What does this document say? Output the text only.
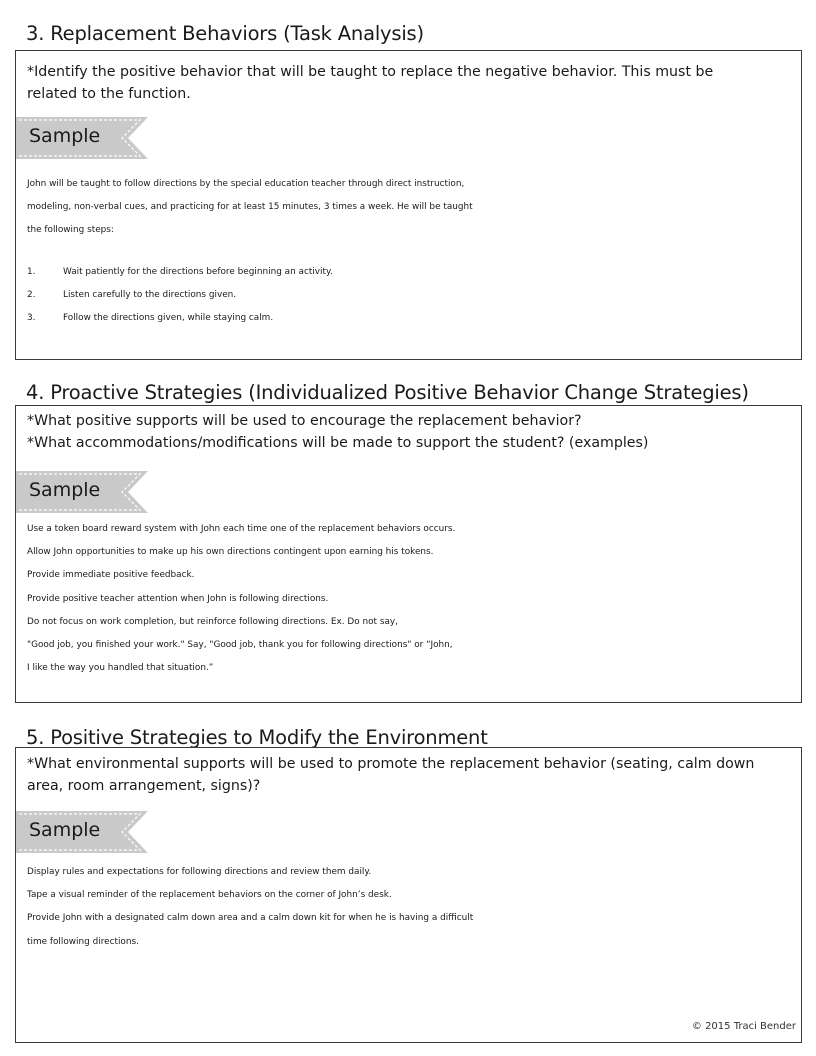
3. Replacement Behaviors (Task Analysis)

*Identify the positive behavior that will be taught to replace the negative behavior. This must be
related to the function.

Sample
John will be taught to follow directions by the special education teacher through direct instruction,
modeling, non-verbal cues, and practicing for at least 15 minutes, 3 times a week. He will be taught
the following steps:
1.	Wait patiently for the directions before beginning an activity.
2.	Listen carefully to the directions given.
3.	Follow the directions given, while staying calm.
4. Proactive Strategies (Individualized Positive Behavior Change Strategies)

*What positive supports will be used to encourage the replacement behavior?
*What accommodations/modifications will be made to support the student? (examples)

Sample
Use a token board reward system with John each time one of the replacement behaviors occurs.
Allow John opportunities to make up his own directions contingent upon earning his tokens.
Provide immediate positive feedback.
Provide positive teacher attention when John is following directions.
Do not focus on work completion, but reinforce following directions. Ex. Do not say,
"Good job, you finished your work." Say, "Good job, thank you for following directions" or “John,
I like the way you handled that situation.”
5. Positive Strategies to Modify the Environment

*What environmental supports will be used to promote the replacement behavior (seating, calm down
area, room arrangement, signs)?

Sample
Display rules and expectations for following directions and review them daily.
Tape a visual reminder of the replacement behaviors on the corner of John’s desk.
Provide John with a designated calm down area and a calm down kit for when he is having a difficult
time following directions.
© 2015 Traci Bender
